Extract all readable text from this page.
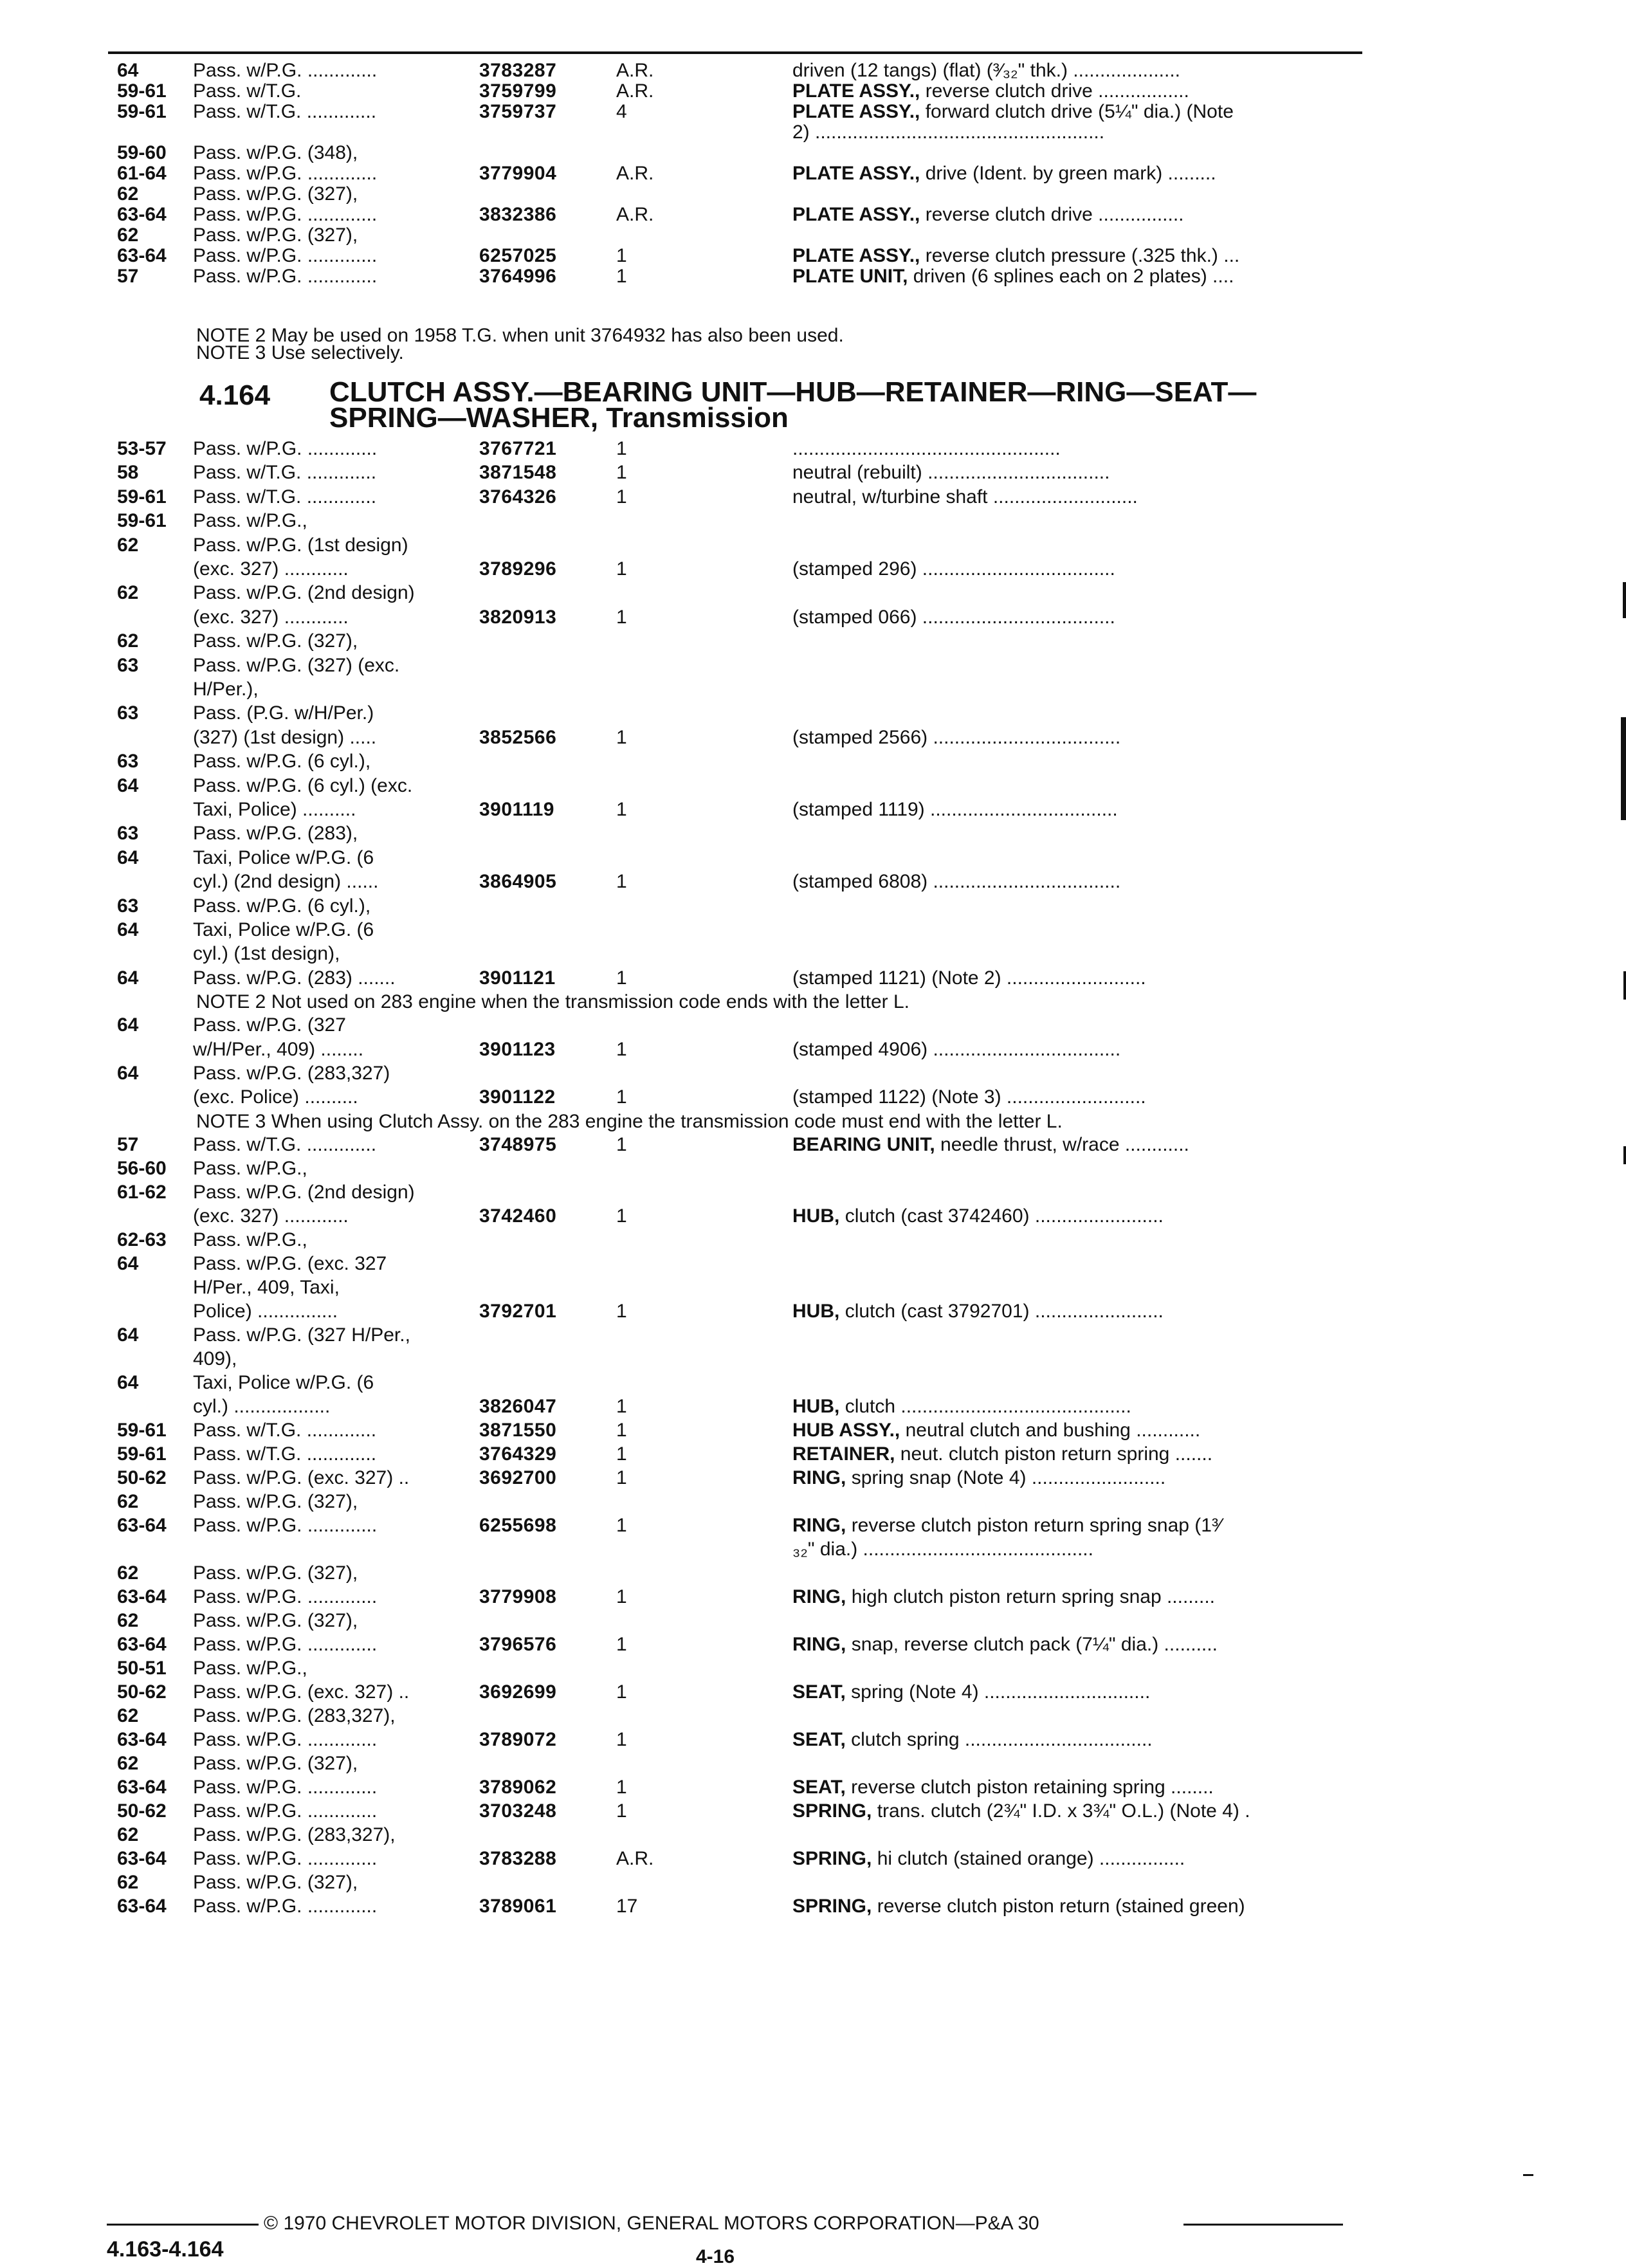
64	Pass. w/P.G. .............	3783287	A.R.	driven (12 tangs) (flat) (³⁄₃₂" thk.) ....................
59-61 Pass. w/T.G.	3759799	A.R.	PLATE ASSY., reverse clutch drive .................
59-61 Pass. w/T.G. .............	3759737	4	PLATE ASSY., forward clutch drive (5¼" dia.) (Note
2) ......................................................
59-60 Pass. w/P.G. (348),
61-64 Pass. w/P.G. .............	3779904	A.R.	PLATE ASSY., drive (Ident. by green mark) .........
62	Pass. w/P.G. (327),
63-64 Pass. w/P.G. .............	3832386	A.R.	PLATE ASSY., reverse clutch drive ................
62	Pass. w/P.G. (327),
63-64 Pass. w/P.G. .............	6257025	1	PLATE ASSY., reverse clutch pressure (.325 thk.) ...
57	Pass. w/P.G. .............	3764996	1	PLATE UNIT, driven (6 splines each on 2 plates) ....
NOTE 2 May be used on 1958 T.G. when unit 3764932 has also been used.
NOTE 3 Use selectively.
4.164 CLUTCH ASSY.—BEARING UNIT—HUB—RETAINER—RING—SEAT—
SPRING—WASHER, Transmission
53-57 Pass. w/P.G. .............	3767721	1	..................................................
58	Pass. w/T.G. .............	3871548	1	neutral (rebuilt) ..................................
59-61 Pass. w/T.G. .............	3764326	1	neutral, w/turbine shaft ...........................
59-61 Pass. w/P.G.,
62	Pass. w/P.G. (1st design)
(exc. 327) ............	3789296	1	(stamped 296) ....................................
62	Pass. w/P.G. (2nd design)
(exc. 327) ............	3820913	1	(stamped 066) ....................................
62	Pass. w/P.G. (327),
63	Pass. w/P.G. (327) (exc.
H/Per.),
63	Pass. (P.G. w/H/Per.)
(327) (1st design) .....	3852566	1	(stamped 2566) ...................................
63	Pass. w/P.G. (6 cyl.),
64	Pass. w/P.G. (6 cyl.) (exc.
Taxi, Police) ..........	3901119	1	(stamped 1119) ...................................
63	Pass. w/P.G. (283),
64	Taxi, Police w/P.G. (6
cyl.) (2nd design) ......	3864905	1	(stamped 6808) ...................................
63	Pass. w/P.G. (6 cyl.),
64	Taxi, Police w/P.G. (6
cyl.) (1st design),
64	Pass. w/P.G. (283) .......	3901121	1	(stamped 1121) (Note 2) ..........................
NOTE 2 Not used on 283 engine when the transmission code ends with the letter L.
64	Pass. w/P.G. (327
w/H/Per., 409) ........	3901123	1	(stamped 4906) ...................................
64	Pass. w/P.G. (283,327)
(exc. Police) ..........	3901122	1	(stamped 1122) (Note 3) ..........................
NOTE 3 When using Clutch Assy. on the 283 engine the transmission code must end with the letter L.
57	Pass. w/T.G. .............	3748975	1	BEARING UNIT, needle thrust, w/race ............
56-60 Pass. w/P.G.,
61-62 Pass. w/P.G. (2nd design)
(exc. 327) ............	3742460	1	HUB, clutch (cast 3742460) ........................
62-63 Pass. w/P.G.,
64	Pass. w/P.G. (exc. 327
H/Per., 409, Taxi,
Police) ...............	3792701	1	HUB, clutch (cast 3792701) ........................
64	Pass. w/P.G. (327 H/Per.,
409),
64	Taxi, Police w/P.G. (6
cyl.) ..................	3826047	1	HUB, clutch ...........................................
59-61 Pass. w/T.G. .............	3871550	1	HUB ASSY., neutral clutch and bushing ............
59-61 Pass. w/T.G. .............	3764329	1	RETAINER, neut. clutch piston return spring .......
50-62 Pass. w/P.G. (exc. 327) ..	3692700	1	RING, spring snap (Note 4) .........................
62	Pass. w/P.G. (327),
63-64 Pass. w/P.G. .............	6255698	1	RING, reverse clutch piston return spring snap (1³⁄
₃₂" dia.) ...........................................
62	Pass. w/P.G. (327),
63-64 Pass. w/P.G. .............	3779908	1	RING, high clutch piston return spring snap .........
62	Pass. w/P.G. (327),
63-64 Pass. w/P.G. .............	3796576	1	RING, snap, reverse clutch pack (7¼" dia.) ..........
50-51 Pass. w/P.G.,
50-62 Pass. w/P.G. (exc. 327) ..	3692699	1	SEAT, spring (Note 4) ...............................
62	Pass. w/P.G. (283,327),
63-64 Pass. w/P.G. .............	3789072	1	SEAT, clutch spring ...................................
62	Pass. w/P.G. (327),
63-64 Pass. w/P.G. .............	3789062	1	SEAT, reverse clutch piston retaining spring ........
50-62 Pass. w/P.G. .............	3703248	1	SPRING, trans. clutch (2¾" I.D. x 3¾" O.L.) (Note 4) .
62	Pass. w/P.G. (283,327),
63-64 Pass. w/P.G. .............	3783288	A.R.	SPRING, hi clutch (stained orange) ................
62	Pass. w/P.G. (327),
63-64 Pass. w/P.G. .............	3789061	17	SPRING, reverse clutch piston return (stained green)
© 1970 CHEVROLET MOTOR DIVISION, GENERAL MOTORS CORPORATION—P&A 30
4.163-4.164	4-16
